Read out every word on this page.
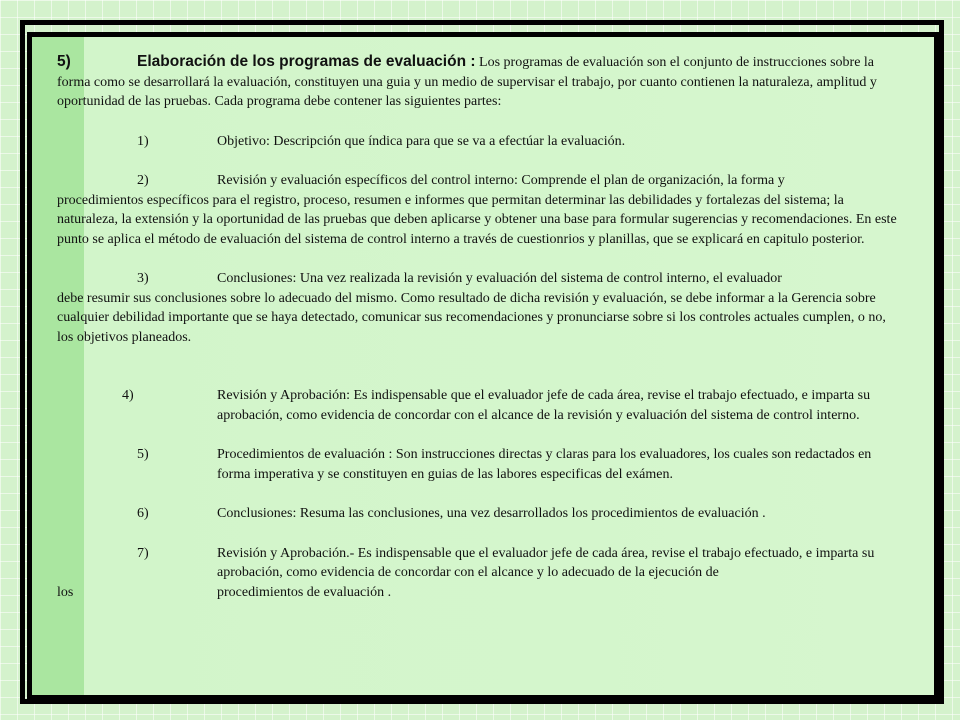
5)	Elaboración de los programas de evaluación : Los programas de evaluación son el conjunto de instrucciones sobre la forma como se desarrollará la evaluación, constituyen una guia y un medio de supervisar el trabajo, por cuanto contienen la naturaleza, amplitud y oportunidad de las pruebas. Cada programa debe contener las siguientes partes:

1)	Objetivo: Descripción que índica para que se va a efectúar la evaluación.
2)	Revisión y evaluación específicos del control interno: Comprende el plan de organización, la forma y
procedimientos específicos para el registro, proceso, resumen e informes que permitan determinar las debilidades y fortalezas del sistema; la naturaleza, la extensión y la oportunidad de las pruebas que deben aplicarse y obtener una base para formular sugerencias y recomendaciones. En este punto se aplica el método de evaluación del sistema de control interno a través de cuestionrios y planillas, que se explicará en capitulo posterior.
3)	Conclusiones: Una vez realizada la revisión y evaluación del sistema de control interno, el evaluador
debe resumir sus conclusiones sobre lo adecuado del mismo. Como resultado de dicha revisión y evaluación, se debe informar a la Gerencia sobre cualquier debilidad importante que se haya detectado, comunicar sus recomendaciones y pronunciarse sobre si los controles actuales cumplen, o no, los objetivos planeados.
4)	Revisión y Aprobación: Es indispensable que el evaluador jefe de cada área, revise el trabajo efectuado, e imparta su aprobación, como evidencia de concordar con el alcance de la revisión y evaluación del sistema de control interno.
5)	Procedimientos de evaluación : Son instrucciones directas y claras para los evaluadores, los cuales son redactados en forma imperativa y se constituyen en guias de las labores especificas del exámen.
6)	Conclusiones: Resuma las conclusiones, una vez desarrollados los procedimientos de evaluación .
7)	Revisión y Aprobación.- Es indispensable que el evaluador jefe de cada área, revise el trabajo efectuado, e imparta su aprobación, como evidencia de concordar con el alcance y lo adecuado de la ejecución de
los	procedimientos de evaluación .
